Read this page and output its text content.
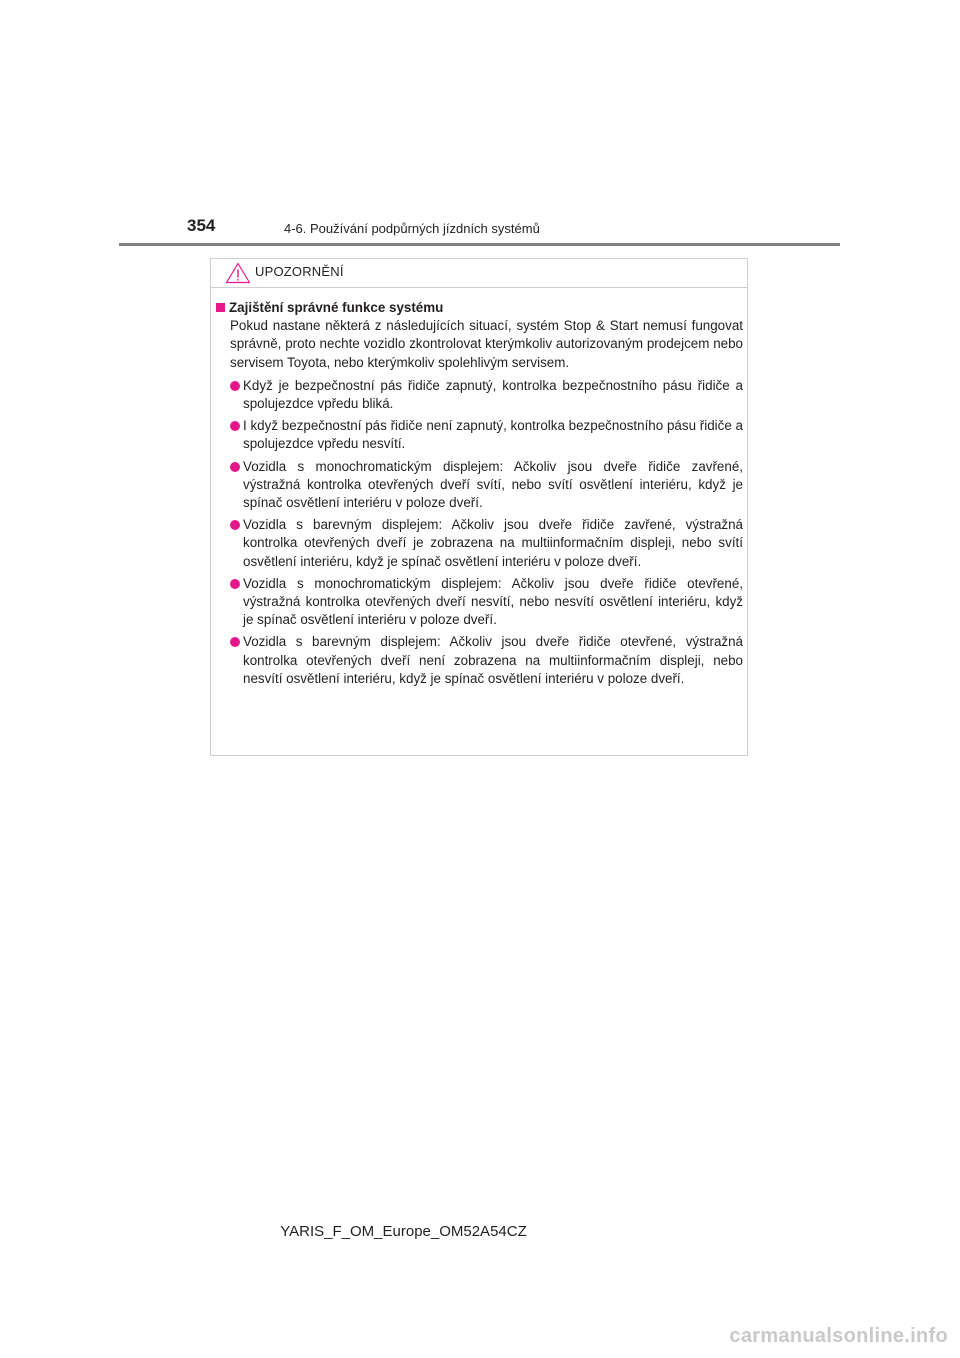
354	4-6. Používání podpůrných jízdních systémů
UPOZORNĚNÍ
Zajištění správné funkce systému
Pokud nastane některá z následujících situací, systém Stop & Start nemusí fungovat správně, proto nechte vozidlo zkontrolovat kterýmkoliv autorizovaným prodejcem nebo servisem Toyota, nebo kterýmkoliv spolehlivým servisem.
Když je bezpečnostní pás řidiče zapnutý, kontrolka bezpečnostního pásu řidiče a spolujezdce vpředu bliká.
I když bezpečnostní pás řidiče není zapnutý, kontrolka bezpečnostního pásu řidiče a spolujezdce vpředu nesvítí.
Vozidla s monochromatickým displejem: Ačkoliv jsou dveře řidiče zavřené, výstražná kontrolka otevřených dveří svítí, nebo svítí osvětlení interiéru, když je spínač osvětlení interiéru v poloze dveří.
Vozidla s barevným displejem: Ačkoliv jsou dveře řidiče zavřené, výstražná kontrolka otevřených dveří je zobrazena na multiinformačním displeji, nebo svítí osvětlení interiéru, když je spínač osvětlení interiéru v poloze dveří.
Vozidla s monochromatickým displejem: Ačkoliv jsou dveře řidiče otevřené, výstražná kontrolka otevřených dveří nesvítí, nebo nesvítí osvětlení interiéru, když je spínač osvětlení interiéru v poloze dveří.
Vozidla s barevným displejem: Ačkoliv jsou dveře řidiče otevřené, výstražná kontrolka otevřených dveří není zobrazena na multiinformačním displeji, nebo nesvítí osvětlení interiéru, když je spínač osvětlení interiéru v poloze dveří.
YARIS_F_OM_Europe_OM52A54CZ
carmanualsonline.info
